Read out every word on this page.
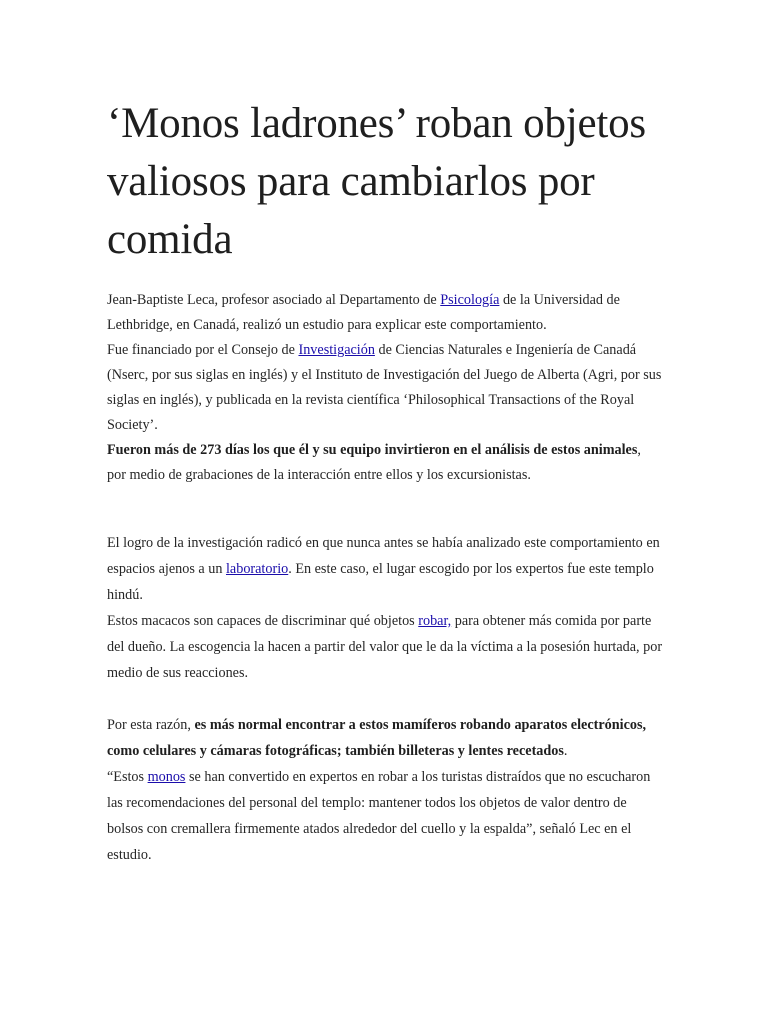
‘Monos ladrones’ roban objetos valiosos para cambiarlos por comida
Jean-Baptiste Leca, profesor asociado al Departamento de Psicología de la Universidad de Lethbridge, en Canadá, realizó un estudio para explicar este comportamiento.
Fue financiado por el Consejo de Investigación de Ciencias Naturales e Ingeniería de Canadá (Nserc, por sus siglas en inglés) y el Instituto de Investigación del Juego de Alberta (Agri, por sus siglas en inglés), y publicada en la revista científica ‘Philosophical Transactions of the Royal Society’.
Fueron más de 273 días los que él y su equipo invirtieron en el análisis de estos animales, por medio de grabaciones de la interacción entre ellos y los excursionistas.
El logro de la investigación radicó en que nunca antes se había analizado este comportamiento en espacios ajenos a un laboratorio. En este caso, el lugar escogido por los expertos fue este templo hindú.
Estos macacos son capaces de discriminar qué objetos robar, para obtener más comida por parte del dueño. La escogencia la hacen a partir del valor que le da la víctima a la posesión hurtada, por medio de sus reacciones.

Por esta razón, es más normal encontrar a estos mamíferos robando aparatos electrónicos, como celulares y cámaras fotográficas; también billeteras y lentes recetados.
“Estos monos se han convertido en expertos en robar a los turistas distraídos que no escucharon las recomendaciones del personal del templo: mantener todos los objetos de valor dentro de bolsos con cremallera firmemente atados alrededor del cuello y la espalda”, señaló Lec en el estudio.
